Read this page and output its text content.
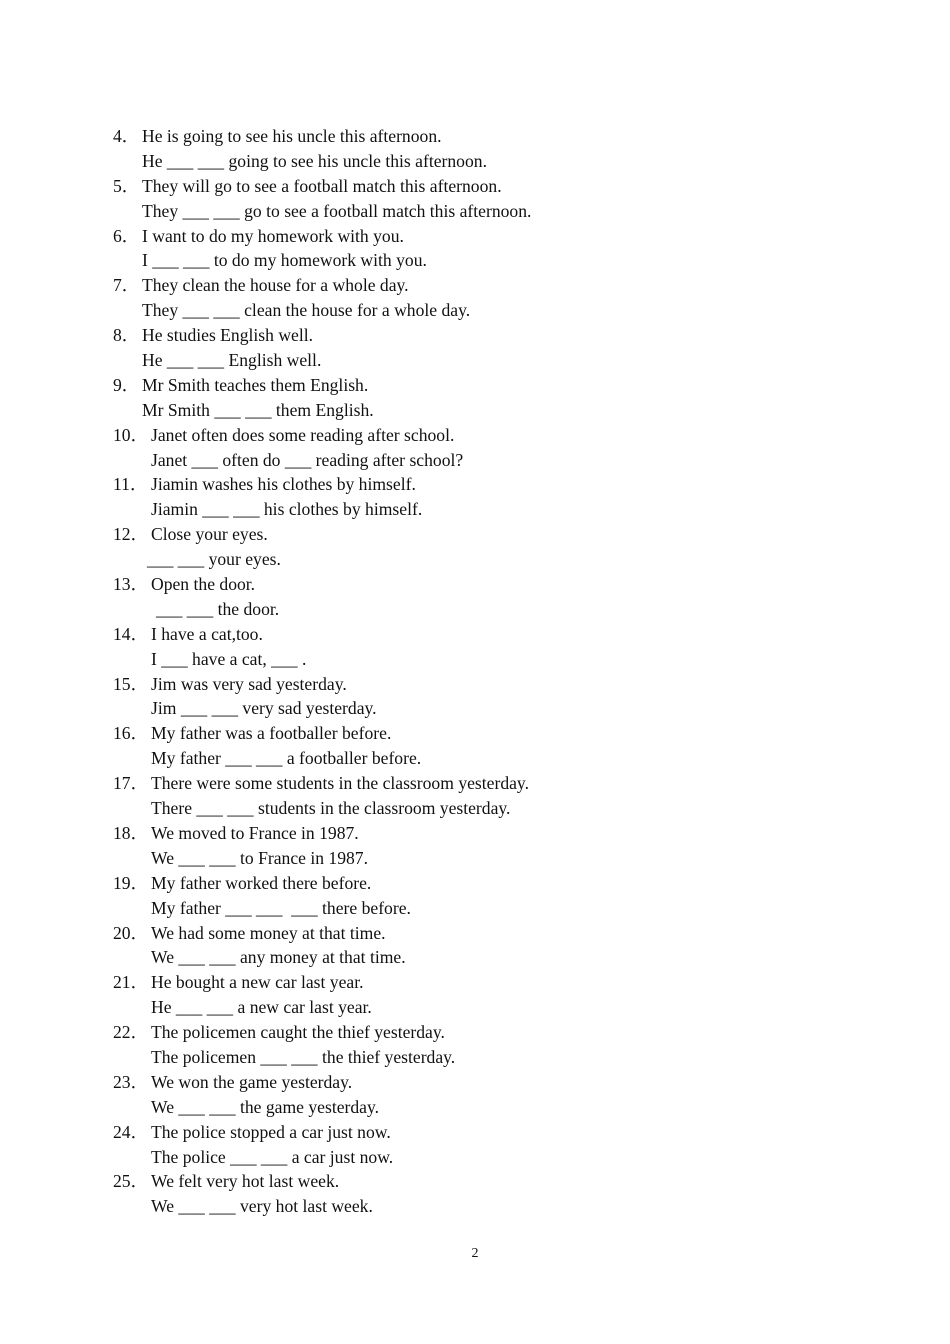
4． He is going to see his uncle this afternoon.
He ___ ___ going to see his uncle this afternoon.
5． They will go to see a football match this afternoon.
They ___ ___ go to see a football match this afternoon.
6． I want to do my homework with you.
I ___ ___ to do my homework with you.
7． They clean the house for a whole day.
They ___ ___ clean the house for a whole day.
8． He studies English well.
He ___ ___ English well.
9． Mr Smith teaches them English.
Mr Smith ___ ___ them English.
10． Janet often does some reading after school.
Janet ___ often do ___ reading after school?
11． Jiamin washes his clothes by himself.
Jiamin ___ ___ his clothes by himself.
12． Close your eyes.
___ ___ your eyes.
13． Open the door.
___ ___ the door.
14． I have a cat,too.
I ___ have a cat, ___ .
15． Jim was very sad yesterday.
Jim ___ ___ very sad yesterday.
16． My father was a footballer before.
My father ___ ___ a footballer before.
17． There were some students in the classroom yesterday.
There ___ ___ students in the classroom yesterday.
18． We moved to France in 1987.
We ___ ___ to France in 1987.
19． My father worked there before.
My father ___ ___  ___ there before.
20． We had some money at that time.
We ___ ___ any money at that time.
21． He bought a new car last year.
He ___ ___ a new car last year.
22． The policemen caught the thief yesterday.
The policemen ___ ___ the thief yesterday.
23． We won the game yesterday.
We ___ ___ the game yesterday.
24． The police stopped a car just now.
The police ___ ___ a car just now.
25． We felt very hot last week.
We ___ ___ very hot last week.
2
